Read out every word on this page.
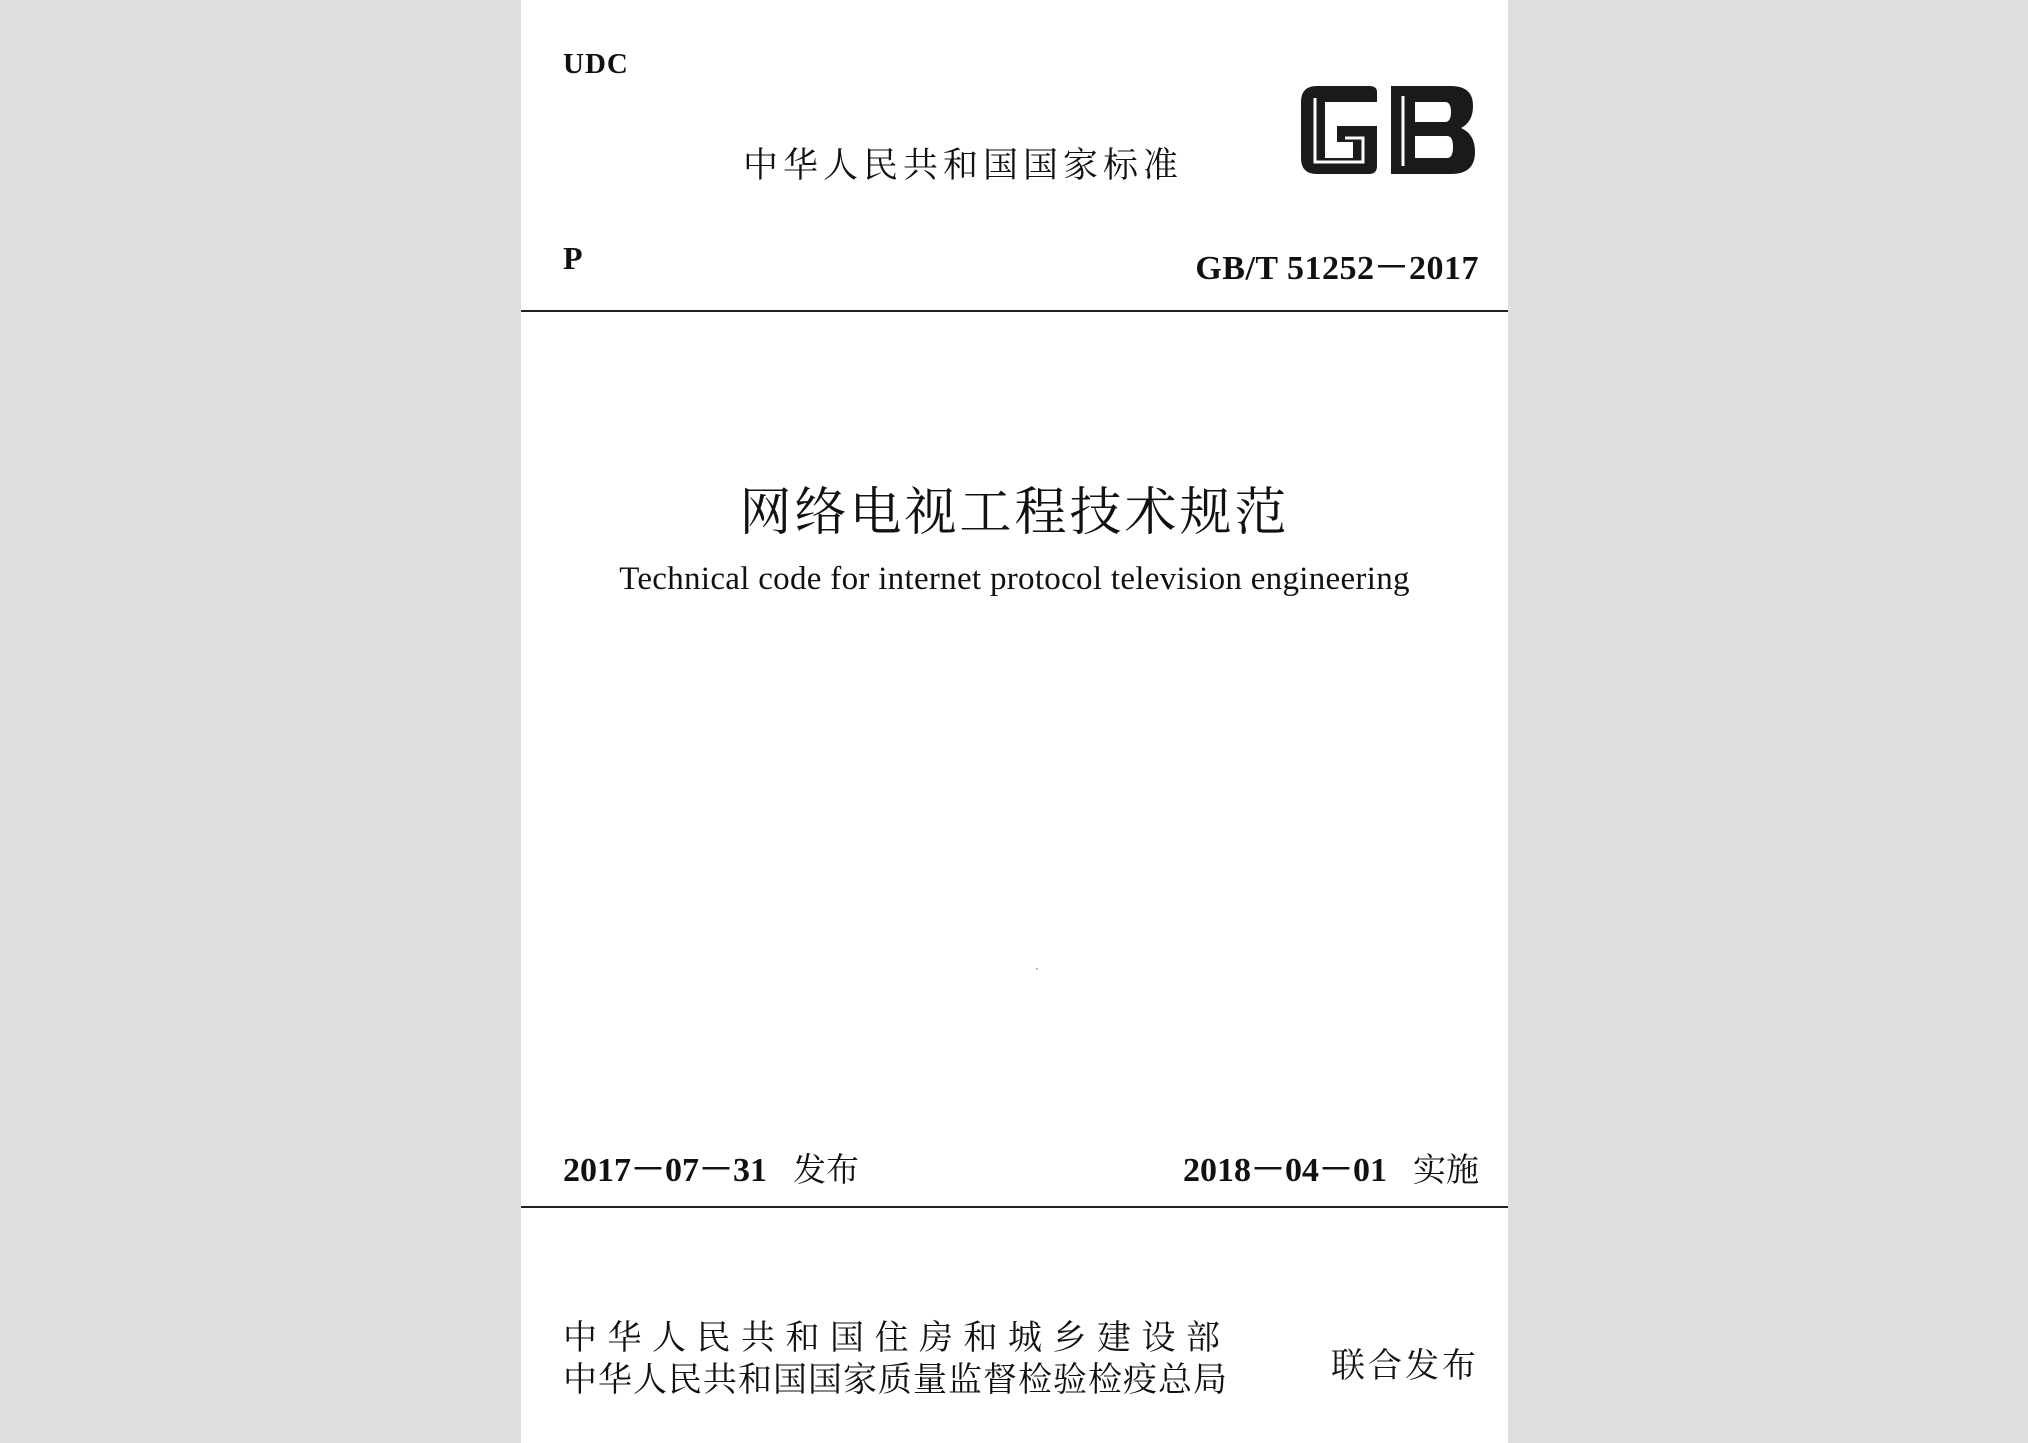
UDC
中华人民共和国国家标准
P	GB/T 51252－2017
网络电视工程技术规范
Technical code for internet protocol television engineering
2017－07－31 发布	2018－04－01 实施
中华人民共和国住房和城乡建设部
中华人民共和国国家质量监督检验检疫总局	联合发布
